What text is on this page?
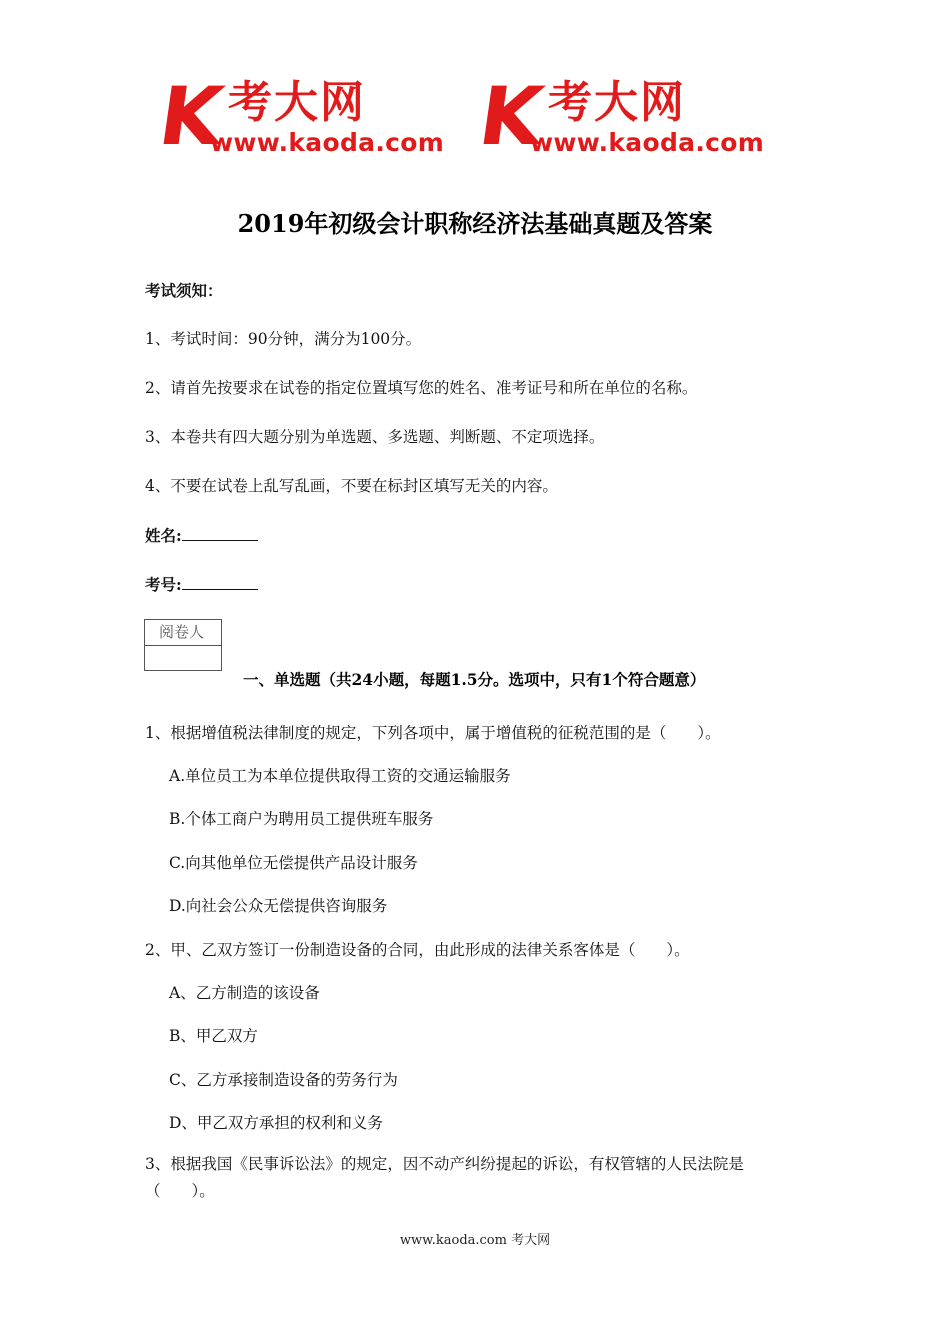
K 考大网
www.kaoda.com K 考大网
www.kaoda.com
2019年初级会计职称经济法基础真题及答案
考试须知：
1、考试时间：90分钟，满分为100分。
2、请首先按要求在试卷的指定位置填写您的姓名、准考证号和所在单位的名称。
3、本卷共有四大题分别为单选题、多选题、判断题、不定项选择。
4、不要在试卷上乱写乱画，不要在标封区填写无关的内容。
姓名:
考号:
阅卷人
一、单选题（共24小题，每题1.5分。选项中，只有1个符合题意）
1、根据增值税法律制度的规定，下列各项中，属于增值税的征税范围的是（　　）。
A.单位员工为本单位提供取得工资的交通运输服务
B.个体工商户为聘用员工提供班车服务
C.向其他单位无偿提供产品设计服务
D.向社会公众无偿提供咨询服务
2、甲、乙双方签订一份制造设备的合同，由此形成的法律关系客体是（　　）。
A、乙方制造的该设备
B、甲乙双方
C、乙方承接制造设备的劳务行为
D、甲乙双方承担的权利和义务
3、根据我国《民事诉讼法》的规定，因不动产纠纷提起的诉讼，有权管辖的人民法院是（　　）。
www.kaoda.com 考大网
